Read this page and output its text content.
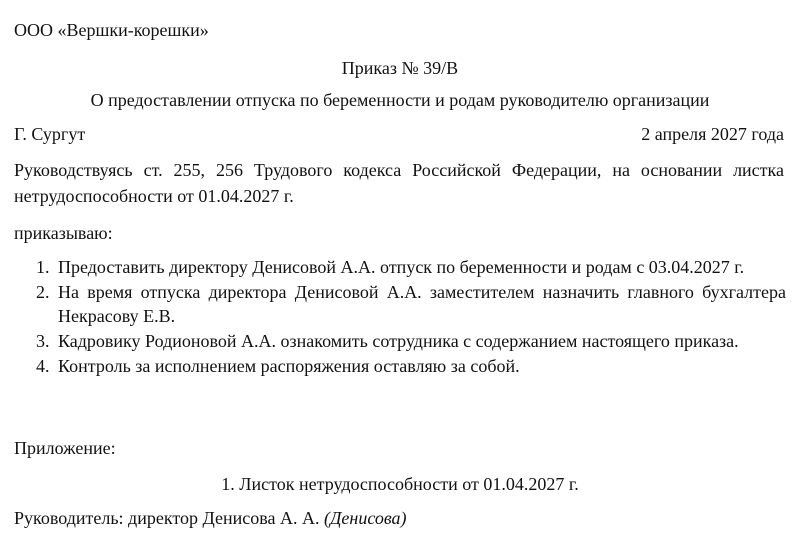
ООО «Вершки-корешки»
Приказ № 39/В
О предоставлении отпуска по беременности и родам руководителю организации
Г. Сургут	2 апреля 2027 года
Руководствуясь ст. 255, 256 Трудового кодекса Российской Федерации, на основании листка нетрудоспособности от 01.04.2027 г.
приказываю:
1. Предоставить директору Денисовой А.А. отпуск по беременности и родам с 03.04.2027 г.
2. На время отпуска директора Денисовой А.А. заместителем назначить главного бухгалтера Некрасову Е.В.
3. Кадровику Родионовой А.А. ознакомить сотрудника с содержанием настоящего приказа.
4. Контроль за исполнением распоряжения оставляю за собой.
Приложение:
1. Листок нетрудоспособности от 01.04.2027 г.
Руководитель: директор Денисова А. А. (Денисова)
